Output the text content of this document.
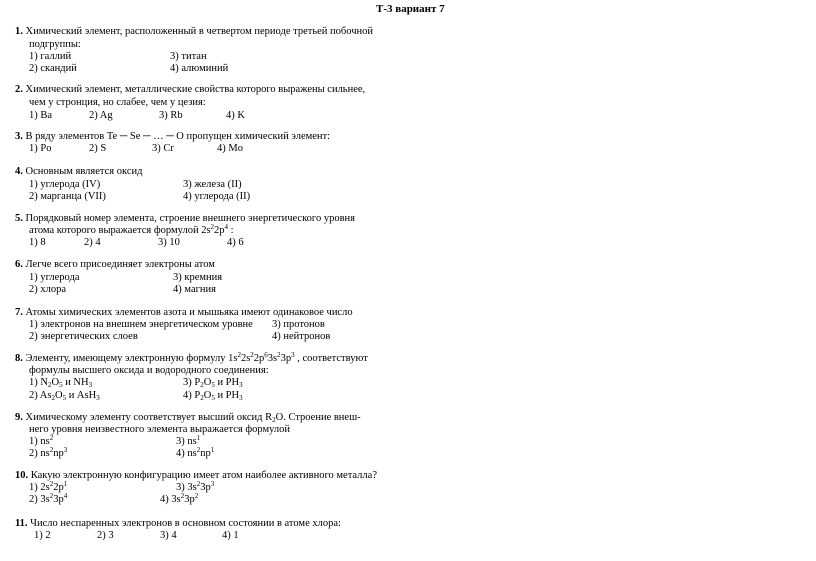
Т-3 вариант 7
1. Химический элемент, расположенный в четвертом периоде третьей побочной
подгруппы:
1) галлий	3) титан
2) скандий	4) алюминий
2. Химический элемент, металлические свойства которого выражены сильнее,
чем у стронция, но слабее, чем у цезия:
1) Ba	2) Ag	3) Rb	4) K
3. В ряду элементов Te ─ Se ─ … ─ O пропущен химический элемент:
1) Po	2) S	3) Cr	4) Mo
4. Основным является оксид
1) углерода (IV)	3) железа (II)
2) марганца (VII)	4) углерода (II)
5. Порядковый номер элемента, строение внешнего энергетического уровня
атома которого выражается формулой $2s^22p^4$ :
1) 8	2) 4	3) 10	4) 6
6. Легче всего присоединяет электроны атом
1) углерода	3) кремния
2) хлора	4) магния
7. Атомы химических элементов азота и мышьяка имеют одинаковое число
1) электронов на внешнем энергетическом уровне 3) протонов
2) энергетических слоев	4) нейтронов
8. Элементу, имеющему электронную формулу $1s^22s^22p^63s^23p^3$ , соответствуют
формулы высшего оксида и водородного соединения:
1) $N_2O_5$ и $NH_3$	3) $P_2O_5$ и $PH_3$
2) $As_2O_5$ и AsH$_3$	4) $P_2O_5$ и $PH_3$
9. Химическому элементу соответствует высший оксид $R_2O$. Строение внеш-
него уровня неизвестного элемента выражается формулой
1) $ns^2$	3) $ns^1$
2) $ns^2np^3$	4) $ns^2np^1$
10. Какую электронную конфигурацию имеет атом наиболее активного металла?
1) $2s^22p^1$	3) $3s^23p^3$
2) $3s^23p^4$	4) $3s^23p^2$
11. Число неспаренных электронов в основном состоянии в атоме хлора:
1) 2	2) 3	3) 4	4) 1
